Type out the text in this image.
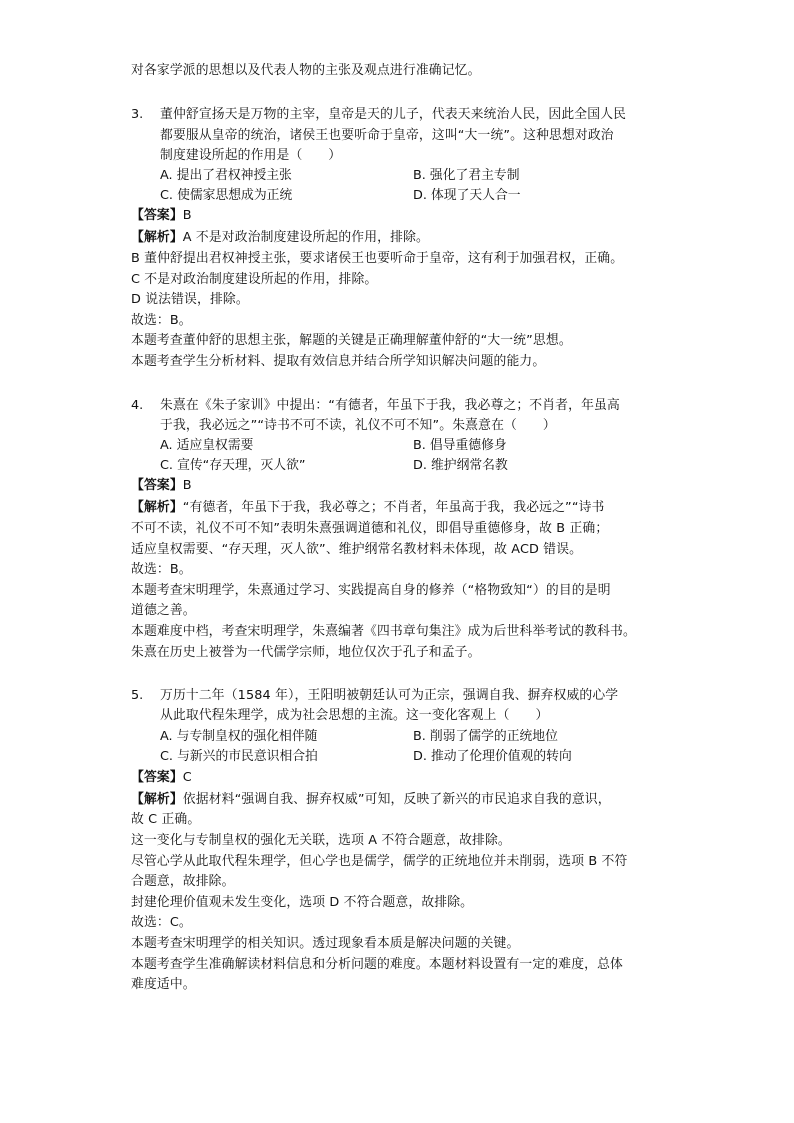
对各家学派的思想以及代表人物的主张及观点进行准确记忆。
3. 董仲舒宣扬天是万物的主宰，皇帝是天的儿子，代表天来统治人民，因此全国人民
都要服从皇帝的统治，诸侯王也要听命于皇帝，这叫“大一统”。这种思想对政治
制度建设所起的作用是（　　）
A. 提出了君权神授主张	B. 强化了君主专制
C. 使儒家思想成为正统	D. 体现了天人合一
【答案】B
【解析】A 不是对政治制度建设所起的作用，排除。
B 董仲舒提出君权神授主张，要求诸侯王也要听命于皇帝，这有利于加强君权，正确。
C 不是对政治制度建设所起的作用，排除。
D 说法错误，排除。
故选：B。
本题考查董仲舒的思想主张，解题的关键是正确理解董仲舒的“大一统”思想。
本题考查学生分析材料、提取有效信息并结合所学知识解决问题的能力。
4. 朱熹在《朱子家训》中提出：“有德者，年虽下于我，我必尊之；不肖者，年虽高
于我，我必远之”“诗书不可不读，礼仪不可不知”。朱熹意在（　　）
A. 适应皇权需要	B. 倡导重德修身
C. 宣传“存天理，灭人欲”	D. 维护纲常名教
【答案】B
【解析】“有德者，年虽下于我，我必尊之；不肖者，年虽高于我，我必远之”“诗书
不可不读，礼仪不可不知”表明朱熹强调道德和礼仪，即倡导重德修身，故 B 正确；
适应皇权需要、“存天理，灭人欲”、维护纲常名教材料未体现，故 ACD 错误。
故选：B。
本题考查宋明理学，朱熹通过学习、实践提高自身的修养（“格物致知“）的目的是明
道德之善。
本题难度中档，考查宋明理学，朱熹编著《四书章句集注》成为后世科举考试的教科书。
朱熹在历史上被誉为一代儒学宗师，地位仅次于孔子和孟子。
5. 万历十二年（1584 年），王阳明被朝廷认可为正宗，强调自我、摒弃权威的心学
从此取代程朱理学，成为社会思想的主流。这一变化客观上（　　）
A. 与专制皇权的强化相伴随	B. 削弱了儒学的正统地位
C. 与新兴的市民意识相合拍	D. 推动了伦理价值观的转向
【答案】C
【解析】依据材料“强调自我、摒弃权威”可知，反映了新兴的市民追求自我的意识，
故 C 正确。
这一变化与专制皇权的强化无关联，选项 A 不符合题意，故排除。
尽管心学从此取代程朱理学，但心学也是儒学，儒学的正统地位并未削弱，选项 B 不符
合题意，故排除。
封建伦理价值观未发生变化，选项 D 不符合题意，故排除。
故选：C。
本题考查宋明理学的相关知识。透过现象看本质是解决问题的关键。
本题考查学生准确解读材料信息和分析问题的难度。本题材料设置有一定的难度，总体
难度适中。
